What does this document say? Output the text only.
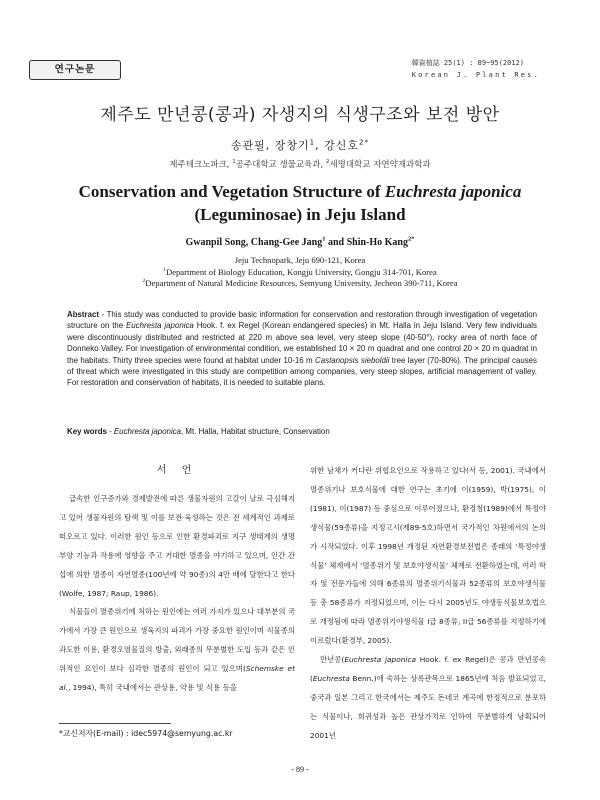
연구논문
韓資植誌 25(1) : 89~95(2012)
Korean J. Plant Res.
제주도 만년콩(콩과) 자생지의 식생구조와 보전 방안
송관필, 장창기$^1$, 강신호$^{2*}$
제주테크노파크, $^1$공주대학교 생물교육과, $^2$세명대학교 자연약재과학과
Conservation and Vegetation Structure of Euchresta japonica
(Leguminosae) in Jeju Island
Gwanpil Song, Chang-Gee Jang$^1$ and Shin-Ho Kang$^{2*}$
Jeju Technopark, Jeju 690-121, Korea
$^1$Department of Biology Education, Kongju University, Gongju 314-701, Korea
$^2$Department of Natural Medicine Resources, Semyung University, Jecheon 390-711, Korea
Abstract - This study was conducted to provide basic information for conservation and restoration through investigation of vegetation structure on the Euchresta japonica Hook. f. ex Regel (Korean endangered species) in Mt. Halla in Jeju Island. Very few individuals were discontinuously distributed and restricted at 220 m above sea level, very steep slope (40-50°), rocky area of north face of Donneko Valley. For investigation of environmental condition, we established 10 × 20 m quadrat and one control 20 × 20 m quadrat in the habitats. Thirty three species were found at habitat under 10-16 m Castanopsis sieboldii tree layer (70-80%). The principal causes of threat which were investigated in this study are competition among companies, very steep slopes, artificial management of valley. For restoration and conservation of habitats, it is needed to suitable plans.
Key words - Euchresta japonica, Mt. Halla, Habitat structure, Conservation
서 언

급속한 인구증가와 경제발전에 따른 생물자원의 고갈이 날로 극심해지고 있어 생물자원의 탐색 및 이를 보전·육성하는 것은 전 세계적인 과제로 떠오르고 있다. 이러한 원인 등으로 인한 환경파괴로 지구 생태계의 생명부양 기능과 작용에 영향을 주고 거대한 멸종을 야기하고 있으며, 인간 간섭에 의한 멸종이 자연멸종(100년에 약 90종)의 4만 배에 달한다고 한다(Wolfe, 1987; Raup, 1986).

식물들이 멸종위기에 처하는 원인에는 여러 가지가 있으나 대부분의 국가에서 가장 큰 원인으로 생육지의 파괴가 가장 중요한 원인이며 식물종의 과도한 이용, 환경오염물질의 방출, 외래종의 무분별한 도입 등과 같은 인위적인 요인이 보다 심각한 멸종의 원인이 되고 있으며(Schemske et al., 1994), 특히 국내에서는 관상용, 약용 및 식용 등을

위한 남채가 커다란 위협요인으로 작용하고 있다(서 등, 2001). 국내에서 멸종위기나 보호식물에 대한 연구는 초기에 이(1959), 박(1975), 이(1981), 이(1987) 등 중심으로 이루어졌으나, 환경청(1989)에서 특정야생식물(59종류)을 지정고시(제89-5호)하면서 국가적인 차원에서의 논의가 시작되었다. 이후 1998년 개정된 자연환경보전법은 종래의 ‘특정야생식물’ 체계에서 ‘멸종위기 및 보호야생식물’ 체계로 전환하였는데, 여러 학자 및 전문가들에 의해 6종류의 멸종위기식물과 52종류의 보호야생식물 등 총 58종류가 지정되었으며, 이는 다시 2005년도 야생동식물보호법으로 개정됨에 따라 멸종위기야생식물 I급 8종류, II급 56종류를 지정하기에 이르렀다(환경부, 2005).

만년콩(Euchresta japonica Hook. f. ex Regel)은 콩과 만년콩속(Euchresta Benn.)에 속하는 상록관목으로 1865년에 처음 발표되었고, 중국과 일본 그리고 한국에서는 제주도 돈네코 계곡에 한정적으로 분포하는 식물이나, 희귀성과 높은 관상가치로 인하여 무분별하게 남획되어 2001년

*교신저자(E-mail) : idec5974@semyung.ac.kr
- 89 -
